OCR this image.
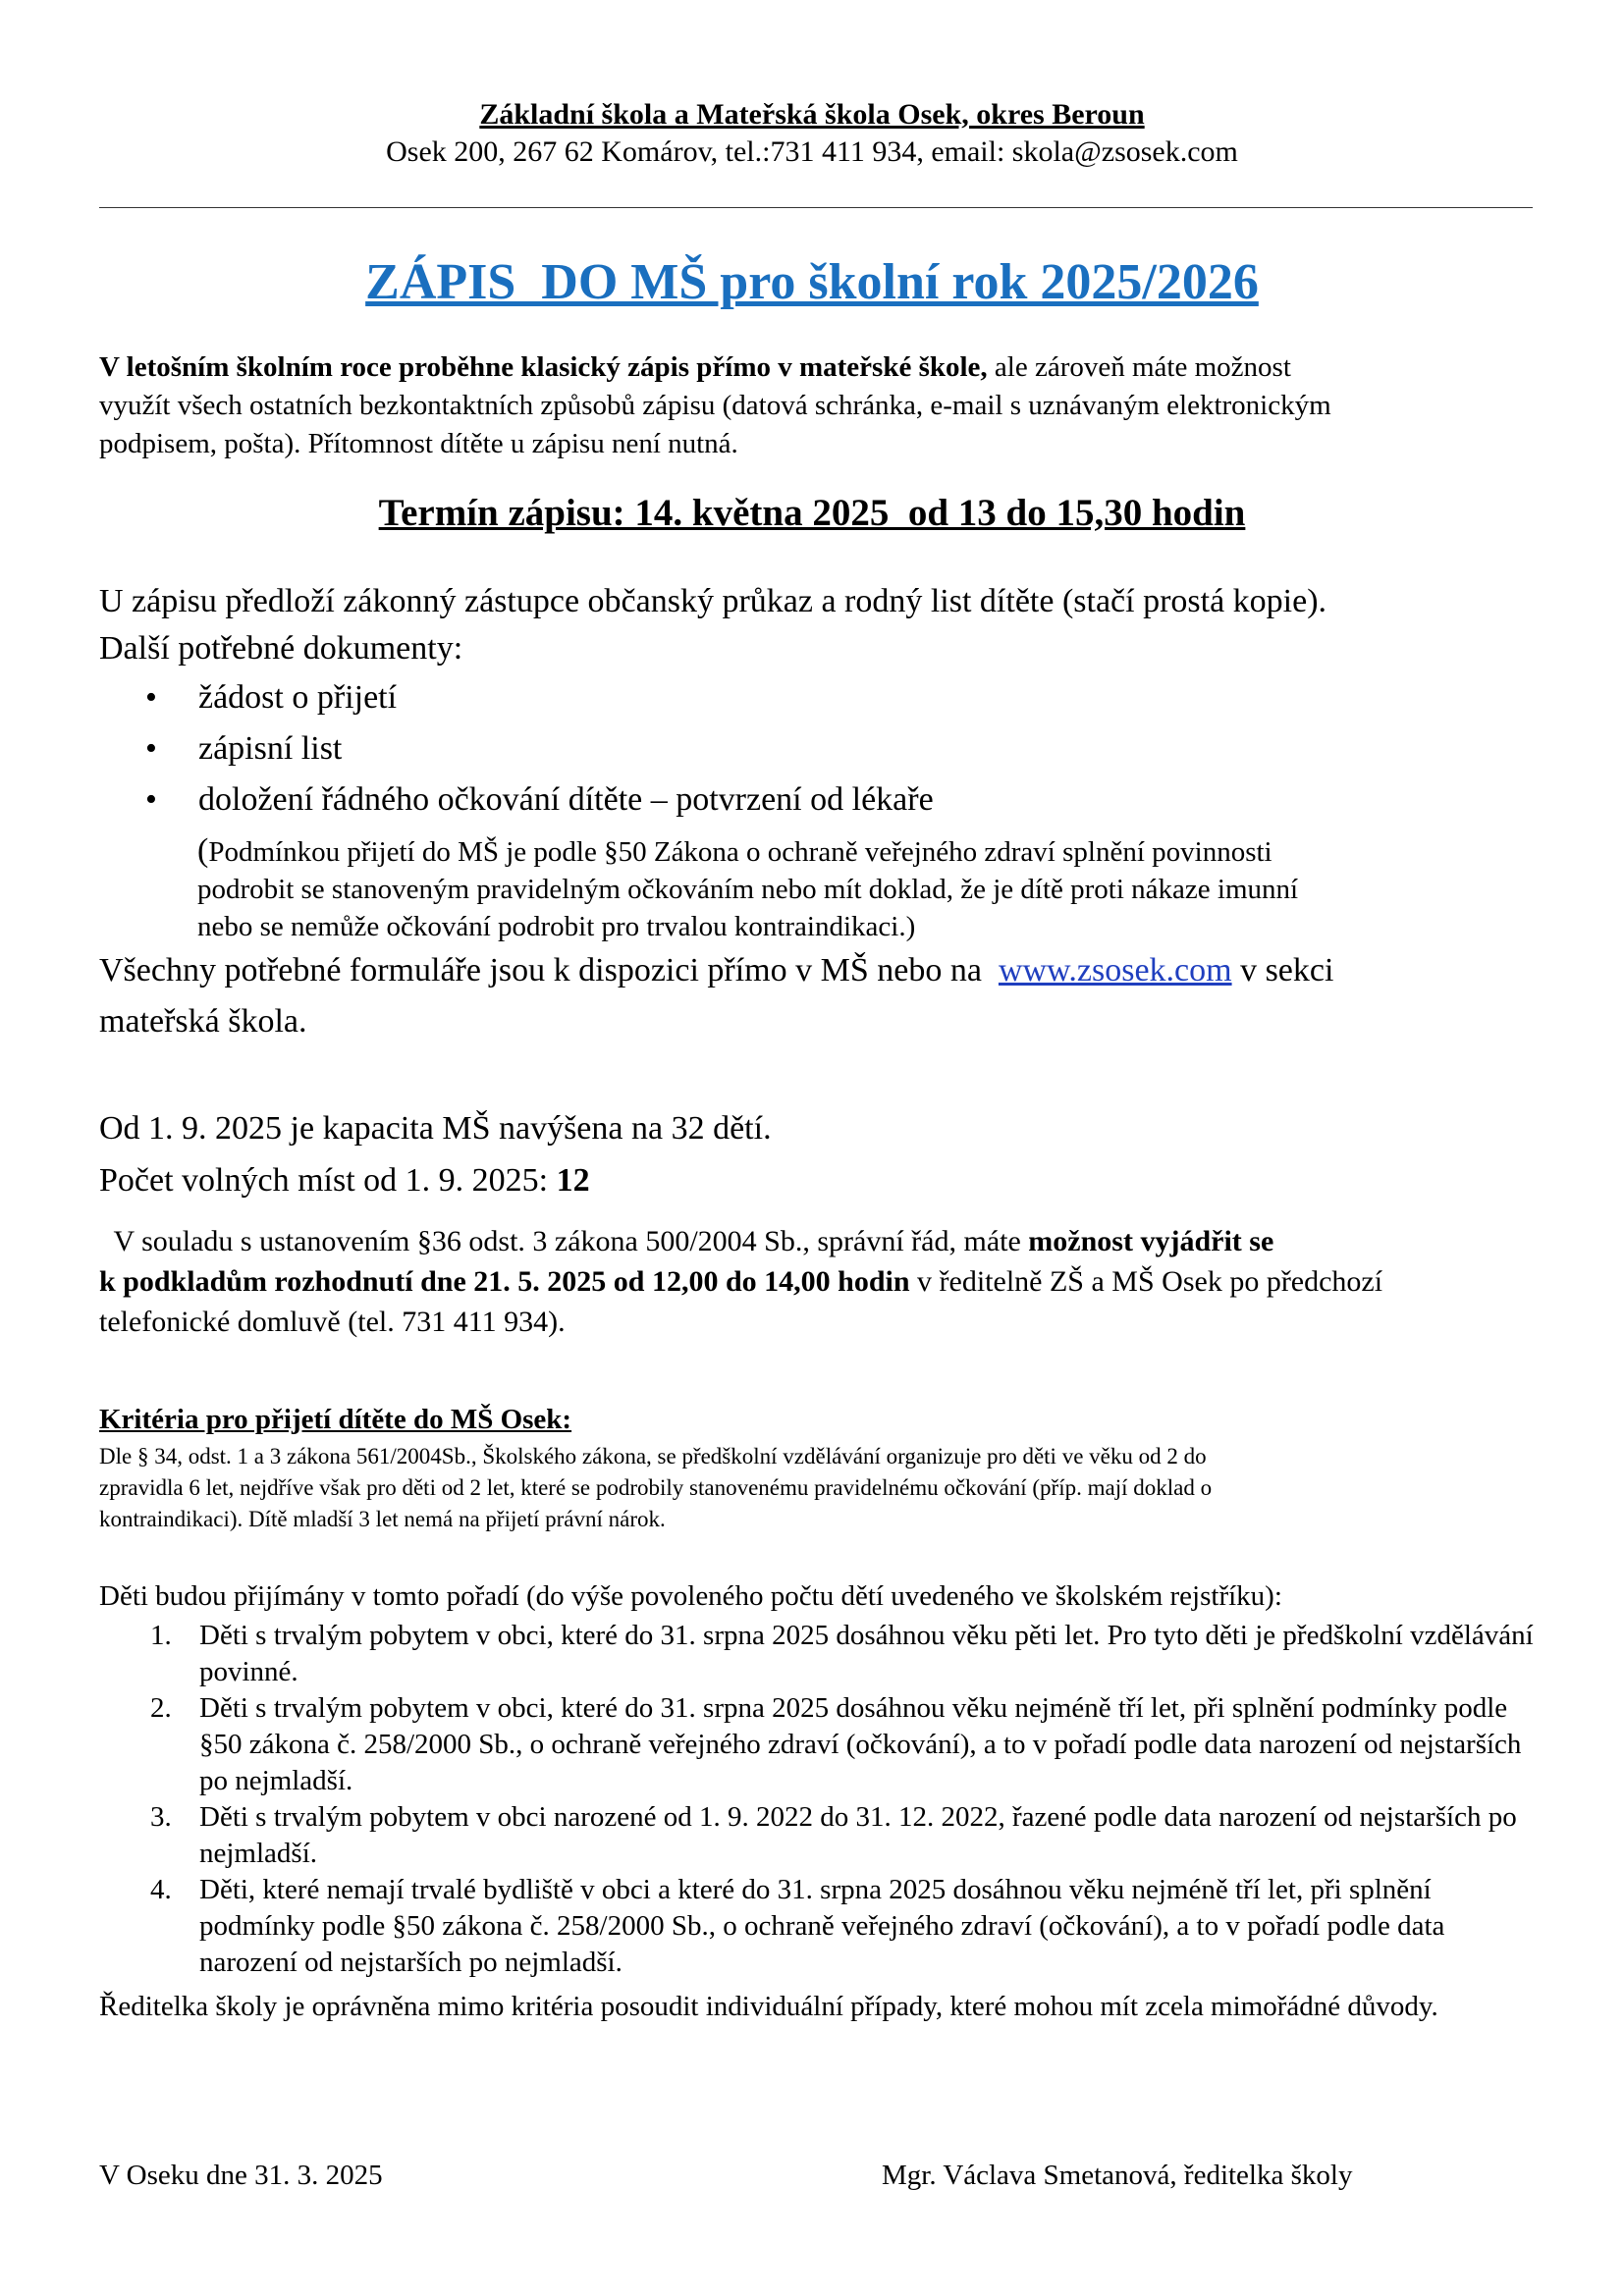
Základní škola a Mateřská škola Osek, okres Beroun
Osek 200, 267 62 Komárov, tel.:731 411 934, email: skola@zsosek.com
ZÁPIS  DO MŠ pro školní rok 2025/2026
V letošním školním roce proběhne klasický zápis přímo v mateřské škole, ale zároveň máte možnost
využít všech ostatních bezkontaktních způsobů zápisu (datová schránka, e-mail s uznávaným elektronickým
podpisem, pošta). Přítomnost dítěte u zápisu není nutná.
Termín zápisu: 14. května 2025  od 13 do 15,30 hodin
U zápisu předloží zákonný zástupce občanský průkaz a rodný list dítěte (stačí prostá kopie).
Další potřebné dokumenty:
• žádost o přijetí
• zápisní list
• doložení řádného očkování dítěte – potvrzení od lékaře
(Podmínkou přijetí do MŠ je podle §50 Zákona o ochraně veřejného zdraví splnění povinnosti
podrobit se stanoveným pravidelným očkováním nebo mít doklad, že je dítě proti nákaze imunní
nebo se nemůže očkování podrobit pro trvalou kontraindikaci.)
Všechny potřebné formuláře jsou k dispozici přímo v MŠ nebo na  www.zsosek.com v sekci
mateřská škola.
Od 1. 9. 2025 je kapacita MŠ navýšena na 32 dětí.
Počet volných míst od 1. 9. 2025: 12
V souladu s ustanovením §36 odst. 3 zákona 500/2004 Sb., správní řád, máte možnost vyjádřit se
k podkladům rozhodnutí dne 21. 5. 2025 od 12,00 do 14,00 hodin v ředitelně ZŠ a MŠ Osek po předchozí
telefonické domluvě (tel. 731 411 934).
Kritéria pro přijetí dítěte do MŠ Osek:
Dle § 34, odst. 1 a 3 zákona 561/2004Sb., Školského zákona, se předškolní vzdělávání organizuje pro děti ve věku od 2 do
zpravidla 6 let, nejdříve však pro děti od 2 let, které se podrobily stanovenému pravidelnému očkování (příp. mají doklad o
kontraindikaci). Dítě mladší 3 let nemá na přijetí právní nárok.
Děti budou přijímány v tomto pořadí (do výše povoleného počtu dětí uvedeného ve školském rejstříku):

1. Děti s trvalým pobytem v obci, které do 31. srpna 2025 dosáhnou věku pěti let. Pro tyto děti je předškolní vzdělávání povinné.

2. Děti s trvalým pobytem v obci, které do 31. srpna 2025 dosáhnou věku nejméně tří let, při splnění podmínky podle §50 zákona č. 258/2000 Sb., o ochraně veřejného zdraví (očkování), a to v pořadí podle data narození od nejstarších po nejmladší.

3. Děti s trvalým pobytem v obci narozené od 1. 9. 2022 do 31. 12. 2022, řazené podle data narození od nejstarších po nejmladší.

4. Děti, které nemají trvalé bydliště v obci a které do 31. srpna 2025 dosáhnou věku nejméně tří let, při splnění podmínky podle §50 zákona č. 258/2000 Sb., o ochraně veřejného zdraví (očkování), a to v pořadí podle data narození od nejstarších po nejmladší.

Ředitelka školy je oprávněna mimo kritéria posoudit individuální případy, které mohou mít zcela mimořádné důvody.
V Oseku dne 31. 3. 2025	Mgr. Václava Smetanová, ředitelka školy
